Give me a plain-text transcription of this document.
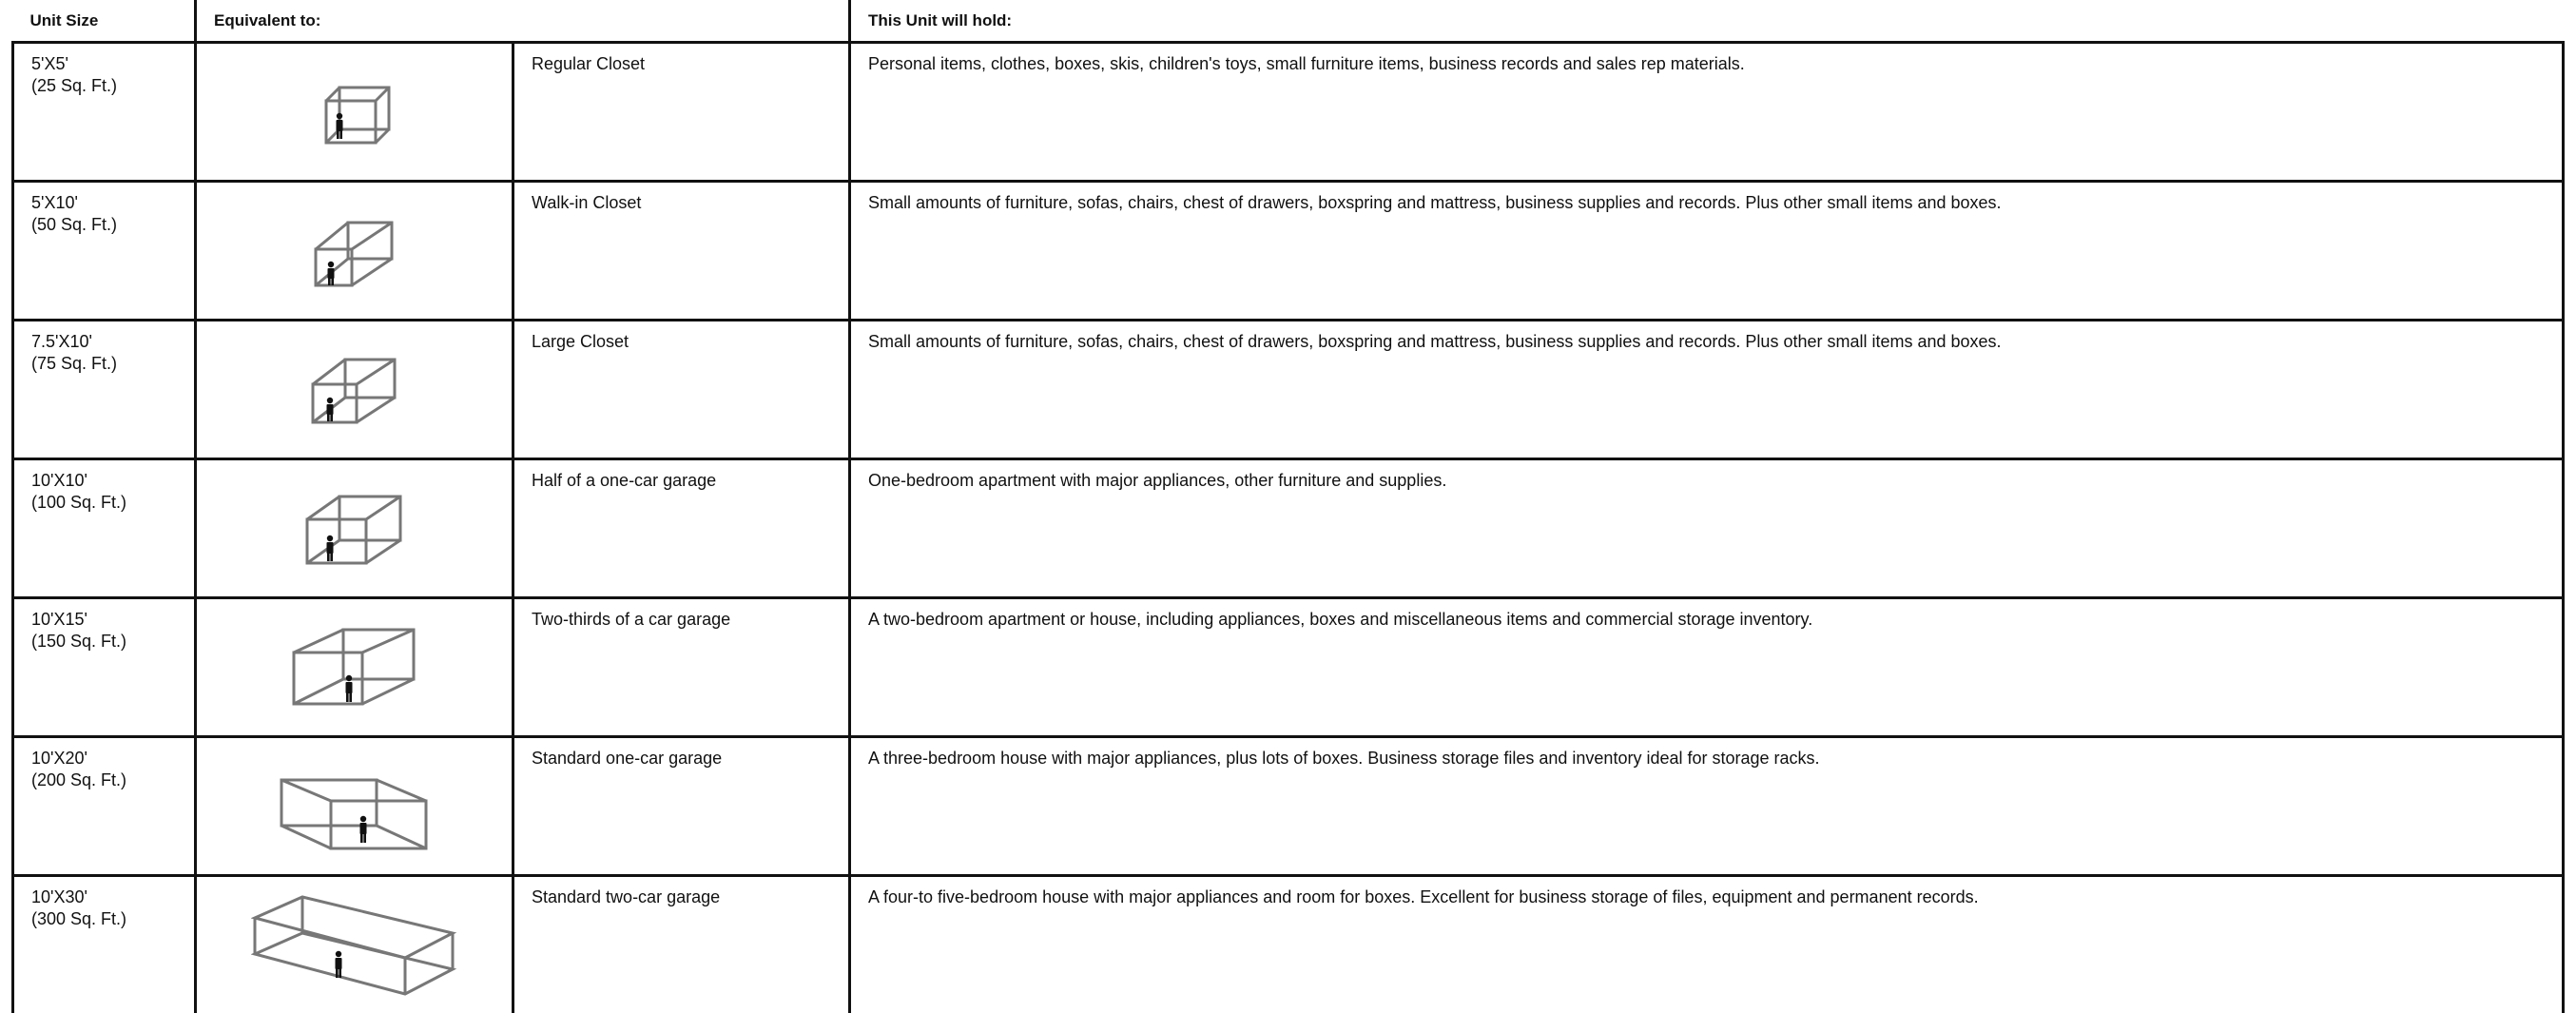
Unit Size	Equivalent to:		This Unit will hold:

5'X5'
(25 Sq. Ft.)		Regular Closet	Personal items, clothes, boxes, skis, children's toys, small furniture items, business records and sales rep materials.

5'X10'
(50 Sq. Ft.)		Walk-in Closet	Small amounts of furniture, sofas, chairs, chest of drawers, boxspring and mattress, business supplies and records. Plus other small items and boxes.

7.5'X10'
(75 Sq. Ft.)		Large Closet	Small amounts of furniture, sofas, chairs, chest of drawers, boxspring and mattress, business supplies and records. Plus other small items and boxes.

10'X10'
(100 Sq. Ft.)		Half of a one-car garage	One-bedroom apartment with major appliances, other furniture and supplies.

10'X15'
(150 Sq. Ft.)		Two-thirds of a car garage	A two-bedroom apartment or house, including appliances, boxes and miscellaneous items and commercial storage inventory.

10'X20'
(200 Sq. Ft.)		Standard one-car garage	A three-bedroom house with major appliances, plus lots of boxes. Business storage files and inventory ideal for storage racks.

10'X30'
(300 Sq. Ft.)		Standard two-car garage	A four-to five-bedroom house with major appliances and room for boxes. Excellent for business storage of files, equipment and permanent records.
